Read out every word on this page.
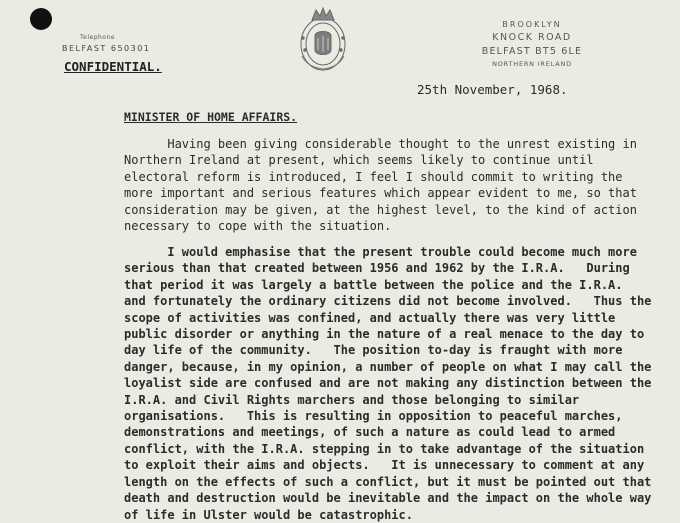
Telephone
BELFAST 650301
CONFIDENTIAL.
BROOKLYN
KNOCK ROAD
BELFAST BT5 6LE
NORTHERN IRELAND
25th November, 1968.
MINISTER OF HOME AFFAIRS.
Having been giving considerable thought to the unrest existing in
Northern Ireland at present, which seems likely to continue until
electoral reform is introduced, I feel I should commit to writing the
more important and serious features which appear evident to me, so that
consideration may be given, at the highest level, to the kind of action
necessary to cope with the situation.
I would emphasise that the present trouble could become much more
serious than that created between 1956 and 1962 by the I.R.A.   During
that period it was largely a battle between the police and the I.R.A.
and fortunately the ordinary citizens did not become involved.   Thus the
scope of activities was confined, and actually there was very little
public disorder or anything in the nature of a real menace to the day to
day life of the community.   The position to-day is fraught with more
danger, because, in my opinion, a number of people on what I may call the
loyalist side are confused and are not making any distinction between the
I.R.A. and Civil Rights marchers and those belonging to similar
organisations.   This is resulting in opposition to peaceful marches,
demonstrations and meetings, of such a nature as could lead to armed
conflict, with the I.R.A. stepping in to take advantage of the situation
to exploit their aims and objects.   It is unnecessary to comment at any
length on the effects of such a conflict, but it must be pointed out that
death and destruction would be inevitable and the impact on the whole way
of life in Ulster would be catastrophic.
